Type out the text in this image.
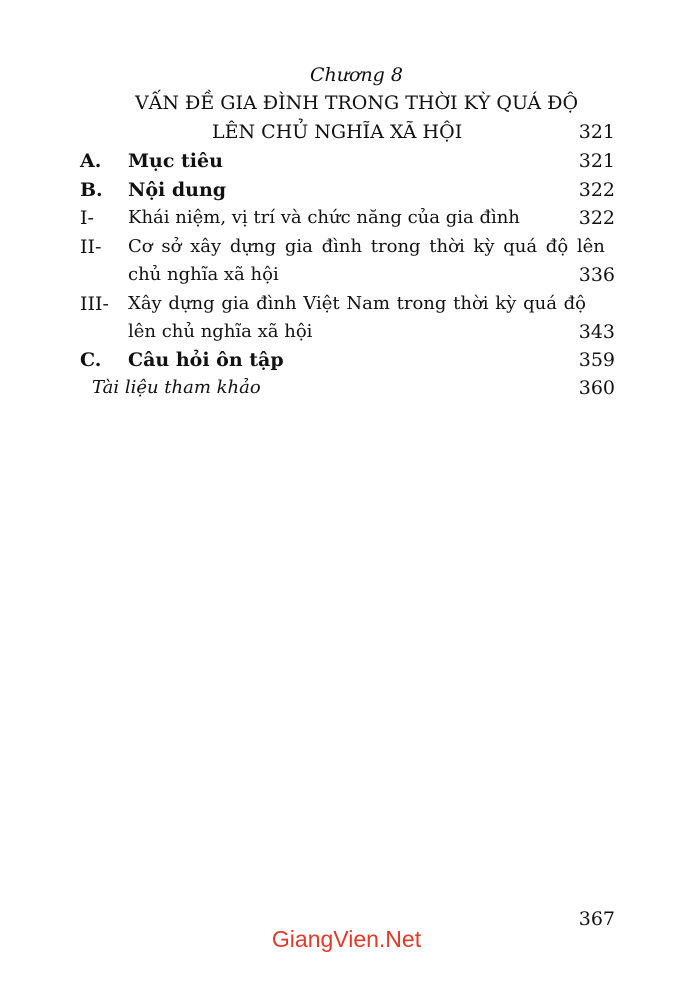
Chương 8
VẤN ĐỀ GIA ĐÌNH TRONG THỜI KỲ QUÁ ĐỘ
LÊN CHỦ NGHĨA XÃ HỘI	321
A. Mục tiêu	321
B. Nội dung	322
I- Khái niệm, vị trí và chức năng của gia đình	322
II- Cơ sở xây dựng gia đình trong thời kỳ quá độ lên
chủ nghĩa xã hội	336
III- Xây dựng gia đình Việt Nam trong thời kỳ quá độ
lên chủ nghĩa xã hội	343
C. Câu hỏi ôn tập	359
Tài liệu tham khảo	360
367
GiangVien.Net
